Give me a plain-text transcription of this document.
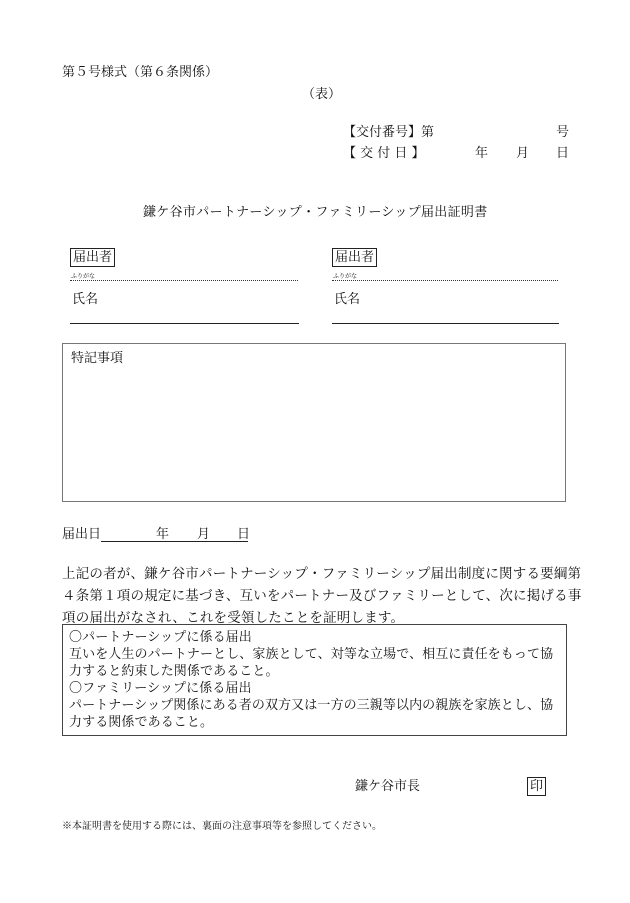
第５号様式（第６条関係）
（表）
【交付番号】 第	号
【 交 付 日 】	年 月 日
鎌ケ谷市パートナーシップ・ファミリーシップ届出証明書
届出者
ふりがな
氏名
届出者
ふりがな
氏名
特記事項
届出日	年 月 日
上記の者が、鎌ケ谷市パートナーシップ・ファミリーシップ届出制度に関する要綱第
４条第１項の規定に基づき、互いをパートナー及びファミリーとして、次に掲げる事
項の届出がなされ、これを受領したことを証明します。
〇パートナーシップに係る届出
互いを人生のパートナーとし、家族として、対等な立場で、相互に責任をもって協
力すると約束した関係であること。
〇ファミリーシップに係る届出
パートナーシップ関係にある者の双方又は一方の三親等以内の親族を家族とし、協
力する関係であること。
鎌ケ谷市長	印
※本証明書を使用する際には、裏面の注意事項等を参照してください。
